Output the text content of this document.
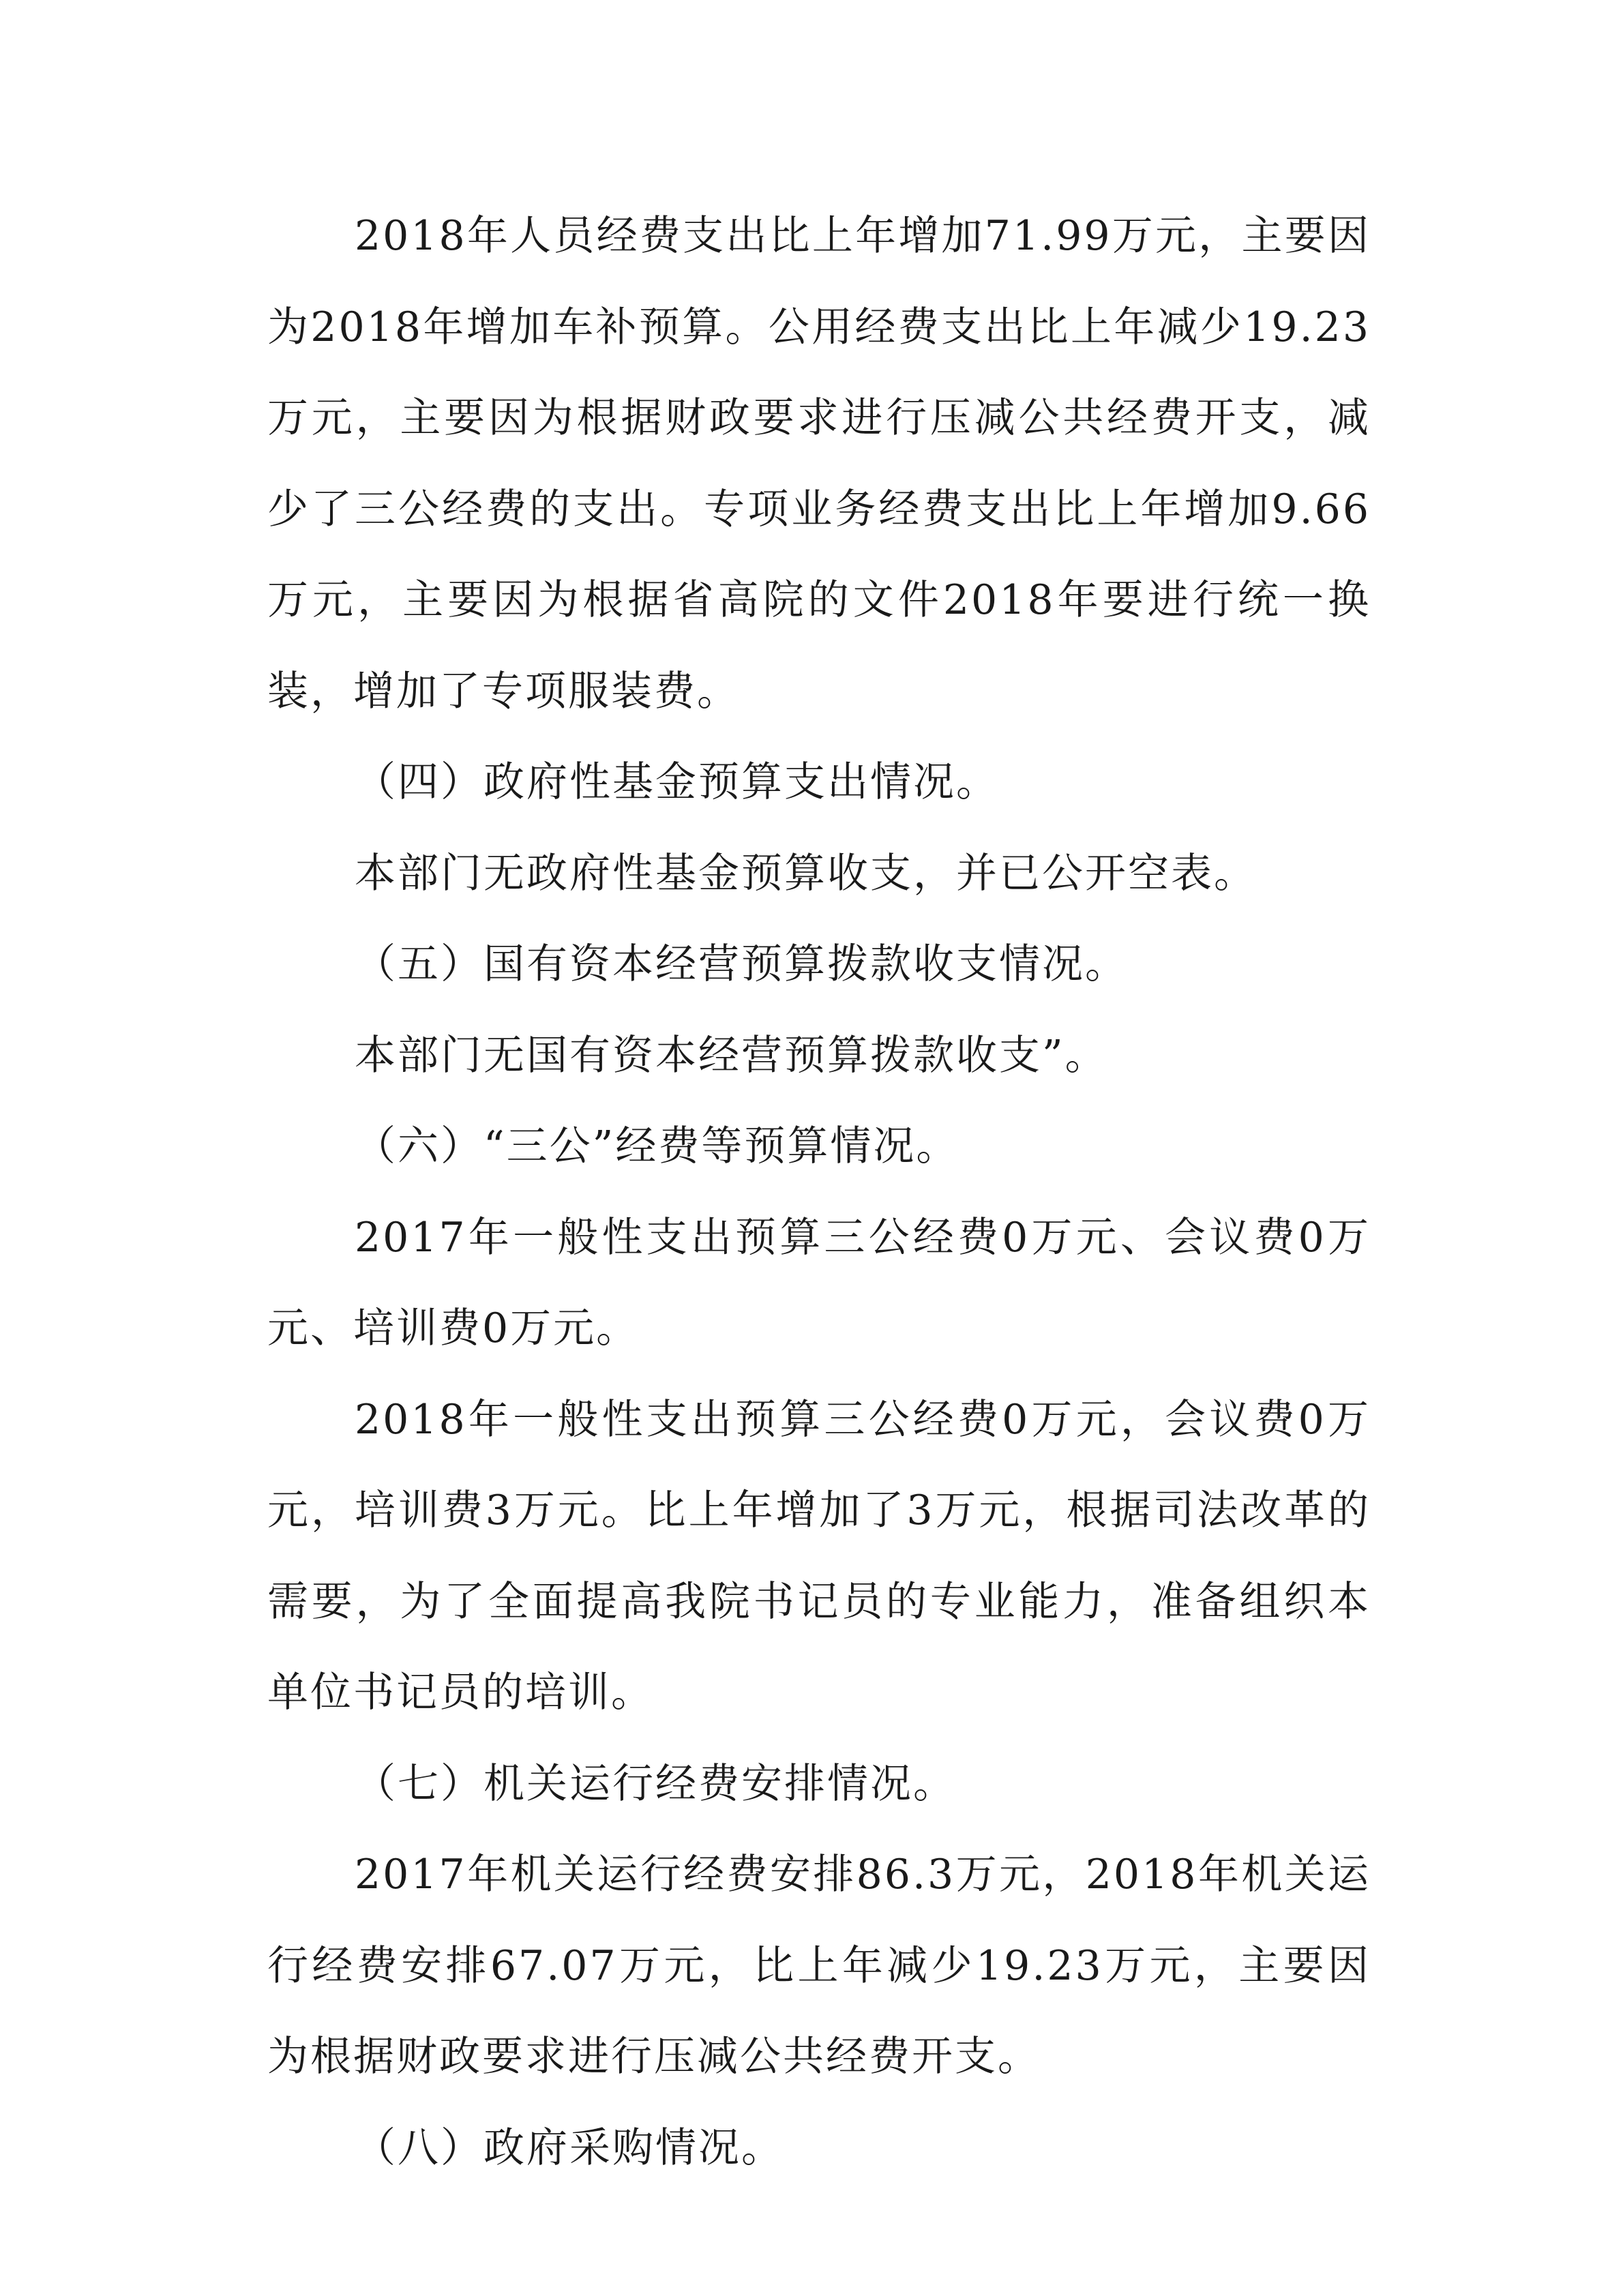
2018年人员经费支出比上年增加71.99万元，主要因为2018年增加车补预算。公用经费支出比上年减少19.23万元，主要因为根据财政要求进行压减公共经费开支，减少了三公经费的支出。专项业务经费支出比上年增加9.66万元，主要因为根据省高院的文件2018年要进行统一换装，增加了专项服装费。

（四）政府性基金预算支出情况。

本部门无政府性基金预算收支，并已公开空表。

（五）国有资本经营预算拨款收支情况。

本部门无国有资本经营预算拨款收支”。

（六）“三公”经费等预算情况。

2017年一般性支出预算三公经费0万元、会议费0万元、培训费0万元。

2018年一般性支出预算三公经费0万元，会议费0万元，培训费3万元。比上年增加了3万元，根据司法改革的需要，为了全面提高我院书记员的专业能力，准备组织本单位书记员的培训。

（七）机关运行经费安排情况。

2017年机关运行经费安排86.3万元，2018年机关运行经费安排67.07万元，比上年减少19.23万元，主要因为根据财政要求进行压减公共经费开支。

（八）政府采购情况。
